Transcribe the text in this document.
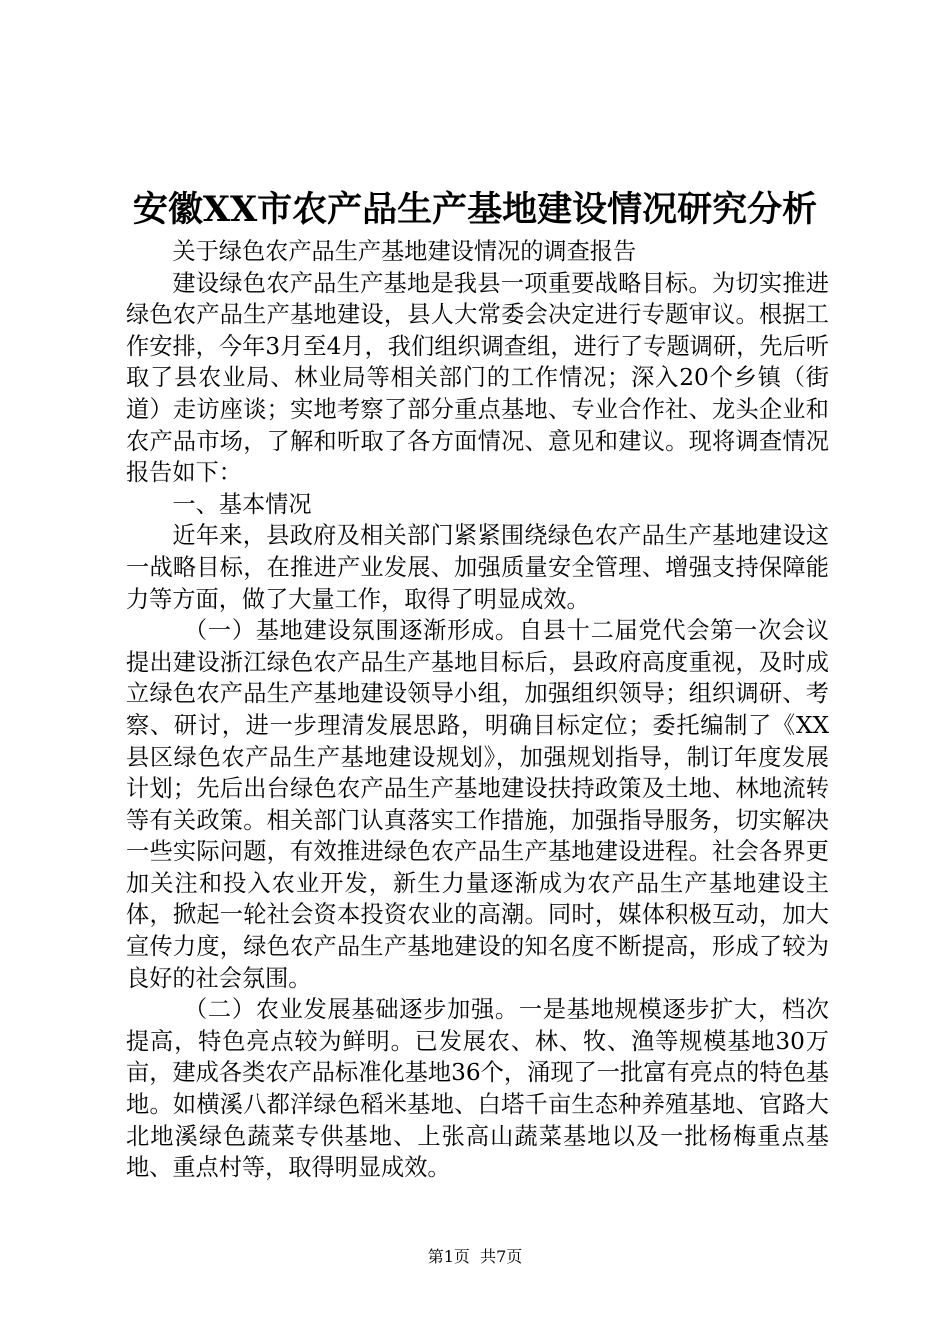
安徽XX市农产品生产基地建设情况研究分析

关于绿色农产品生产基地建设情况的调查报告

建设绿色农产品生产基地是我县一项重要战略目标。为切实推进绿色农产品生产基地建设，县人大常委会决定进行专题审议。根据工作安排，今年3月至4月，我们组织调查组，进行了专题调研，先后听取了县农业局、林业局等相关部门的工作情况；深入20个乡镇（街道）走访座谈；实地考察了部分重点基地、专业合作社、龙头企业和农产品市场，了解和听取了各方面情况、意见和建议。现将调查情况报告如下：

一、基本情况

近年来，县政府及相关部门紧紧围绕绿色农产品生产基地建设这一战略目标，在推进产业发展、加强质量安全管理、增强支持保障能力等方面，做了大量工作，取得了明显成效。

（一）基地建设氛围逐渐形成。自县十二届党代会第一次会议提出建设浙江绿色农产品生产基地目标后，县政府高度重视，及时成立绿色农产品生产基地建设领导小组，加强组织领导；组织调研、考察、研讨，进一步理清发展思路，明确目标定位；委托编制了《XX县区绿色农产品生产基地建设规划》，加强规划指导，制订年度发展计划；先后出台绿色农产品生产基地建设扶持政策及土地、林地流转等有关政策。相关部门认真落实工作措施，加强指导服务，切实解决一些实际问题，有效推进绿色农产品生产基地建设进程。社会各界更加关注和投入农业开发，新生力量逐渐成为农产品生产基地建设主体，掀起一轮社会资本投资农业的高潮。同时，媒体积极互动，加大宣传力度，绿色农产品生产基地建设的知名度不断提高，形成了较为良好的社会氛围。

（二）农业发展基础逐步加强。一是基地规模逐步扩大，档次提高，特色亮点较为鲜明。已发展农、林、牧、渔等规模基地30万亩，建成各类农产品标准化基地36个，涌现了一批富有亮点的特色基地。如横溪八都洋绿色稻米基地、白塔千亩生态种养殖基地、官路大北地溪绿色蔬菜专供基地、上张高山蔬菜基地以及一批杨梅重点基地、重点村等，取得明显成效。

第1页  共7页
